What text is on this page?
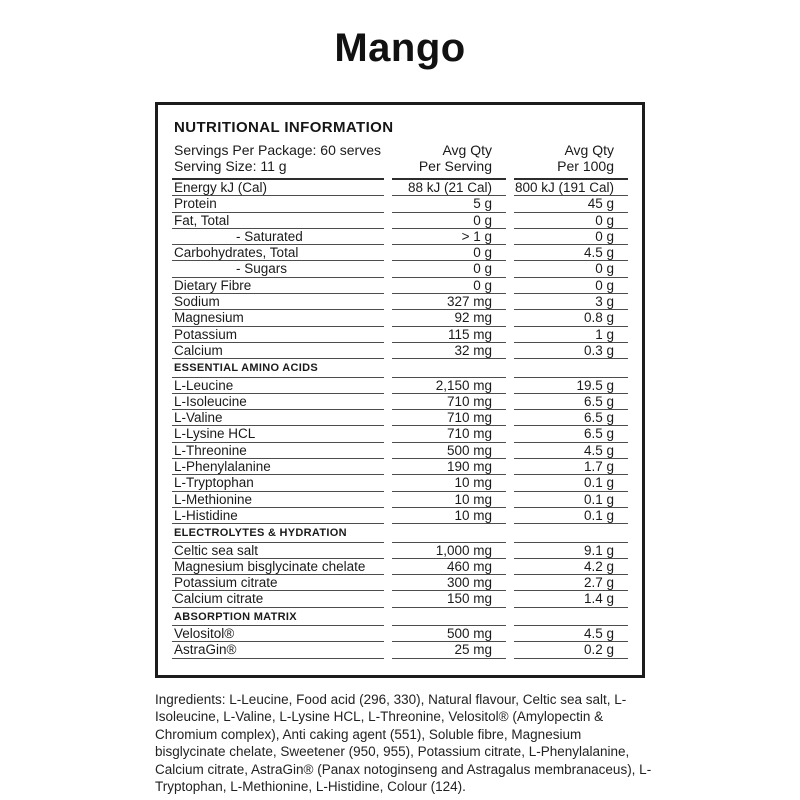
Mango
NUTRITIONAL INFORMATION
Servings Per Package: 60 serves
Serving Size: 11 g

Avg Qty
Per Serving

Avg Qty
Per 100g

Energy kJ (Cal)	88 kJ (21 Cal)	800 kJ (191 Cal)
Protein	5 g	45 g
Fat, Total	0 g	0 g
- Saturated	> 1 g	0 g
Carbohydrates, Total	0 g	4.5 g
- Sugars	0 g	0 g
Dietary Fibre	0 g	0 g
Sodium	327 mg	3 g
Magnesium	92 mg	0.8 g
Potassium	115 mg	1 g
Calcium	32 mg	0.3 g
ESSENTIAL AMINO ACIDS		
L-Leucine	2,150 mg	19.5 g
L-Isoleucine	710 mg	6.5 g
L-Valine	710 mg	6.5 g
L-Lysine HCL	710 mg	6.5 g
L-Threonine	500 mg	4.5 g
L-Phenylalanine	190 mg	1.7 g
L-Tryptophan	10 mg	0.1 g
L-Methionine	10 mg	0.1 g
L-Histidine	10 mg	0.1 g
ELECTROLYTES & HYDRATION		
Celtic sea salt	1,000 mg	9.1 g
Magnesium bisglycinate chelate	460 mg	4.2 g
Potassium citrate	300 mg	2.7 g
Calcium citrate	150 mg	1.4 g
ABSORPTION MATRIX		
Velositol®	500 mg	4.5 g
AstraGin®	25 mg	0.2 g

Ingredients: L-Leucine, Food acid (296, 330), Natural flavour, Celtic sea salt, L-Isoleucine, L-Valine, L-Lysine HCL, L-Threonine, Velositol® (Amylopectin & Chromium complex), Anti caking agent (551), Soluble fibre, Magnesium bisglycinate chelate, Sweetener (950, 955), Potassium citrate, L-Phenylalanine, Calcium citrate, AstraGin® (Panax notoginseng and Astragalus membranaceus), L-Tryptophan, L-Methionine, L-Histidine, Colour (124).
